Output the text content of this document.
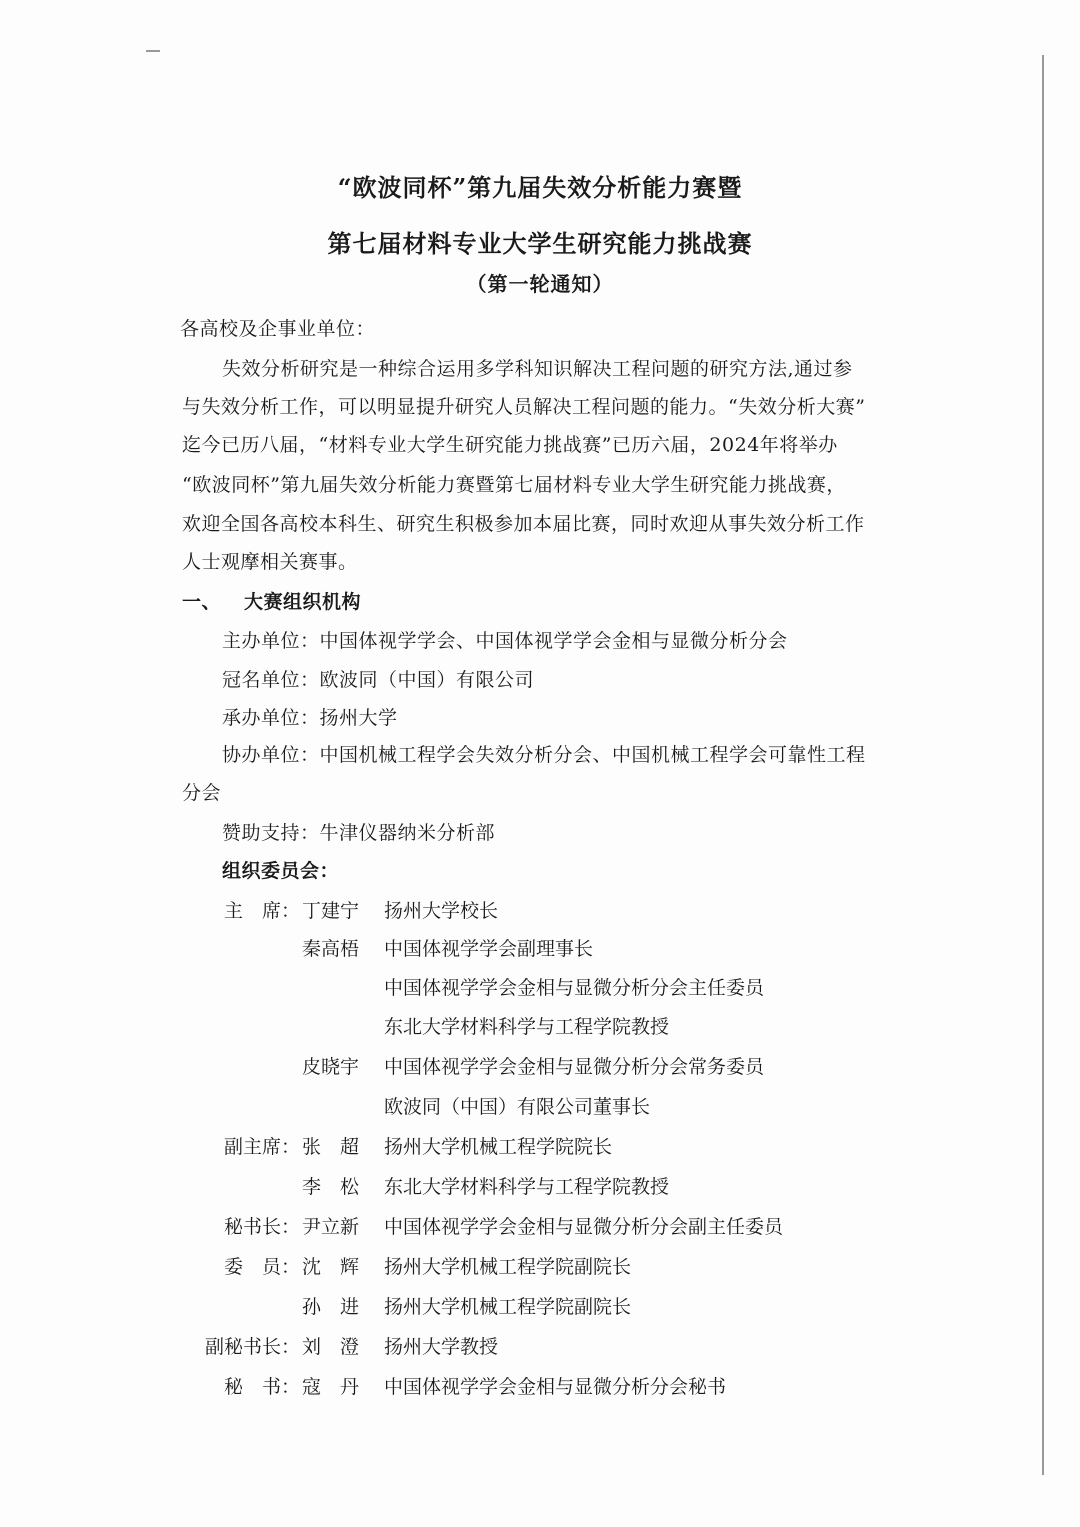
“欧波同杯”第九届失效分析能力赛暨
第七届材料专业大学生研究能力挑战赛
（第一轮通知）
各高校及企事业单位：
失效分析研究是一种综合运用多学科知识解决工程问题的研究方法,通过参
与失效分析工作，可以明显提升研究人员解决工程问题的能力。“失效分析大赛”
迄今已历八届，“材料专业大学生研究能力挑战赛”已历六届，2024年将举办
“欧波同杯”第九届失效分析能力赛暨第七届材料专业大学生研究能力挑战赛，
欢迎全国各高校本科生、研究生积极参加本届比赛，同时欢迎从事失效分析工作
人士观摩相关赛事。
一、 大赛组织机构
主办单位：中国体视学学会、中国体视学学会金相与显微分析分会
冠名单位：欧波同（中国）有限公司
承办单位：扬州大学
协办单位：中国机械工程学会失效分析分会、中国机械工程学会可靠性工程
分会
赞助支持：牛津仪器纳米分析部
组织委员会：
主　席： 丁建宁 扬州大学校长
秦高梧 中国体视学学会副理事长
中国体视学学会金相与显微分析分会主任委员
东北大学材料科学与工程学院教授
皮晓宇 中国体视学学会金相与显微分析分会常务委员
欧波同（中国）有限公司董事长
副主席： 张　超 扬州大学机械工程学院院长
李　松 东北大学材料科学与工程学院教授
秘书长： 尹立新 中国体视学学会金相与显微分析分会副主任委员
委　员： 沈　辉 扬州大学机械工程学院副院长
孙　进 扬州大学机械工程学院副院长
副秘书长： 刘　澄 扬州大学教授
秘　书： 寇　丹 中国体视学学会金相与显微分析分会秘书
